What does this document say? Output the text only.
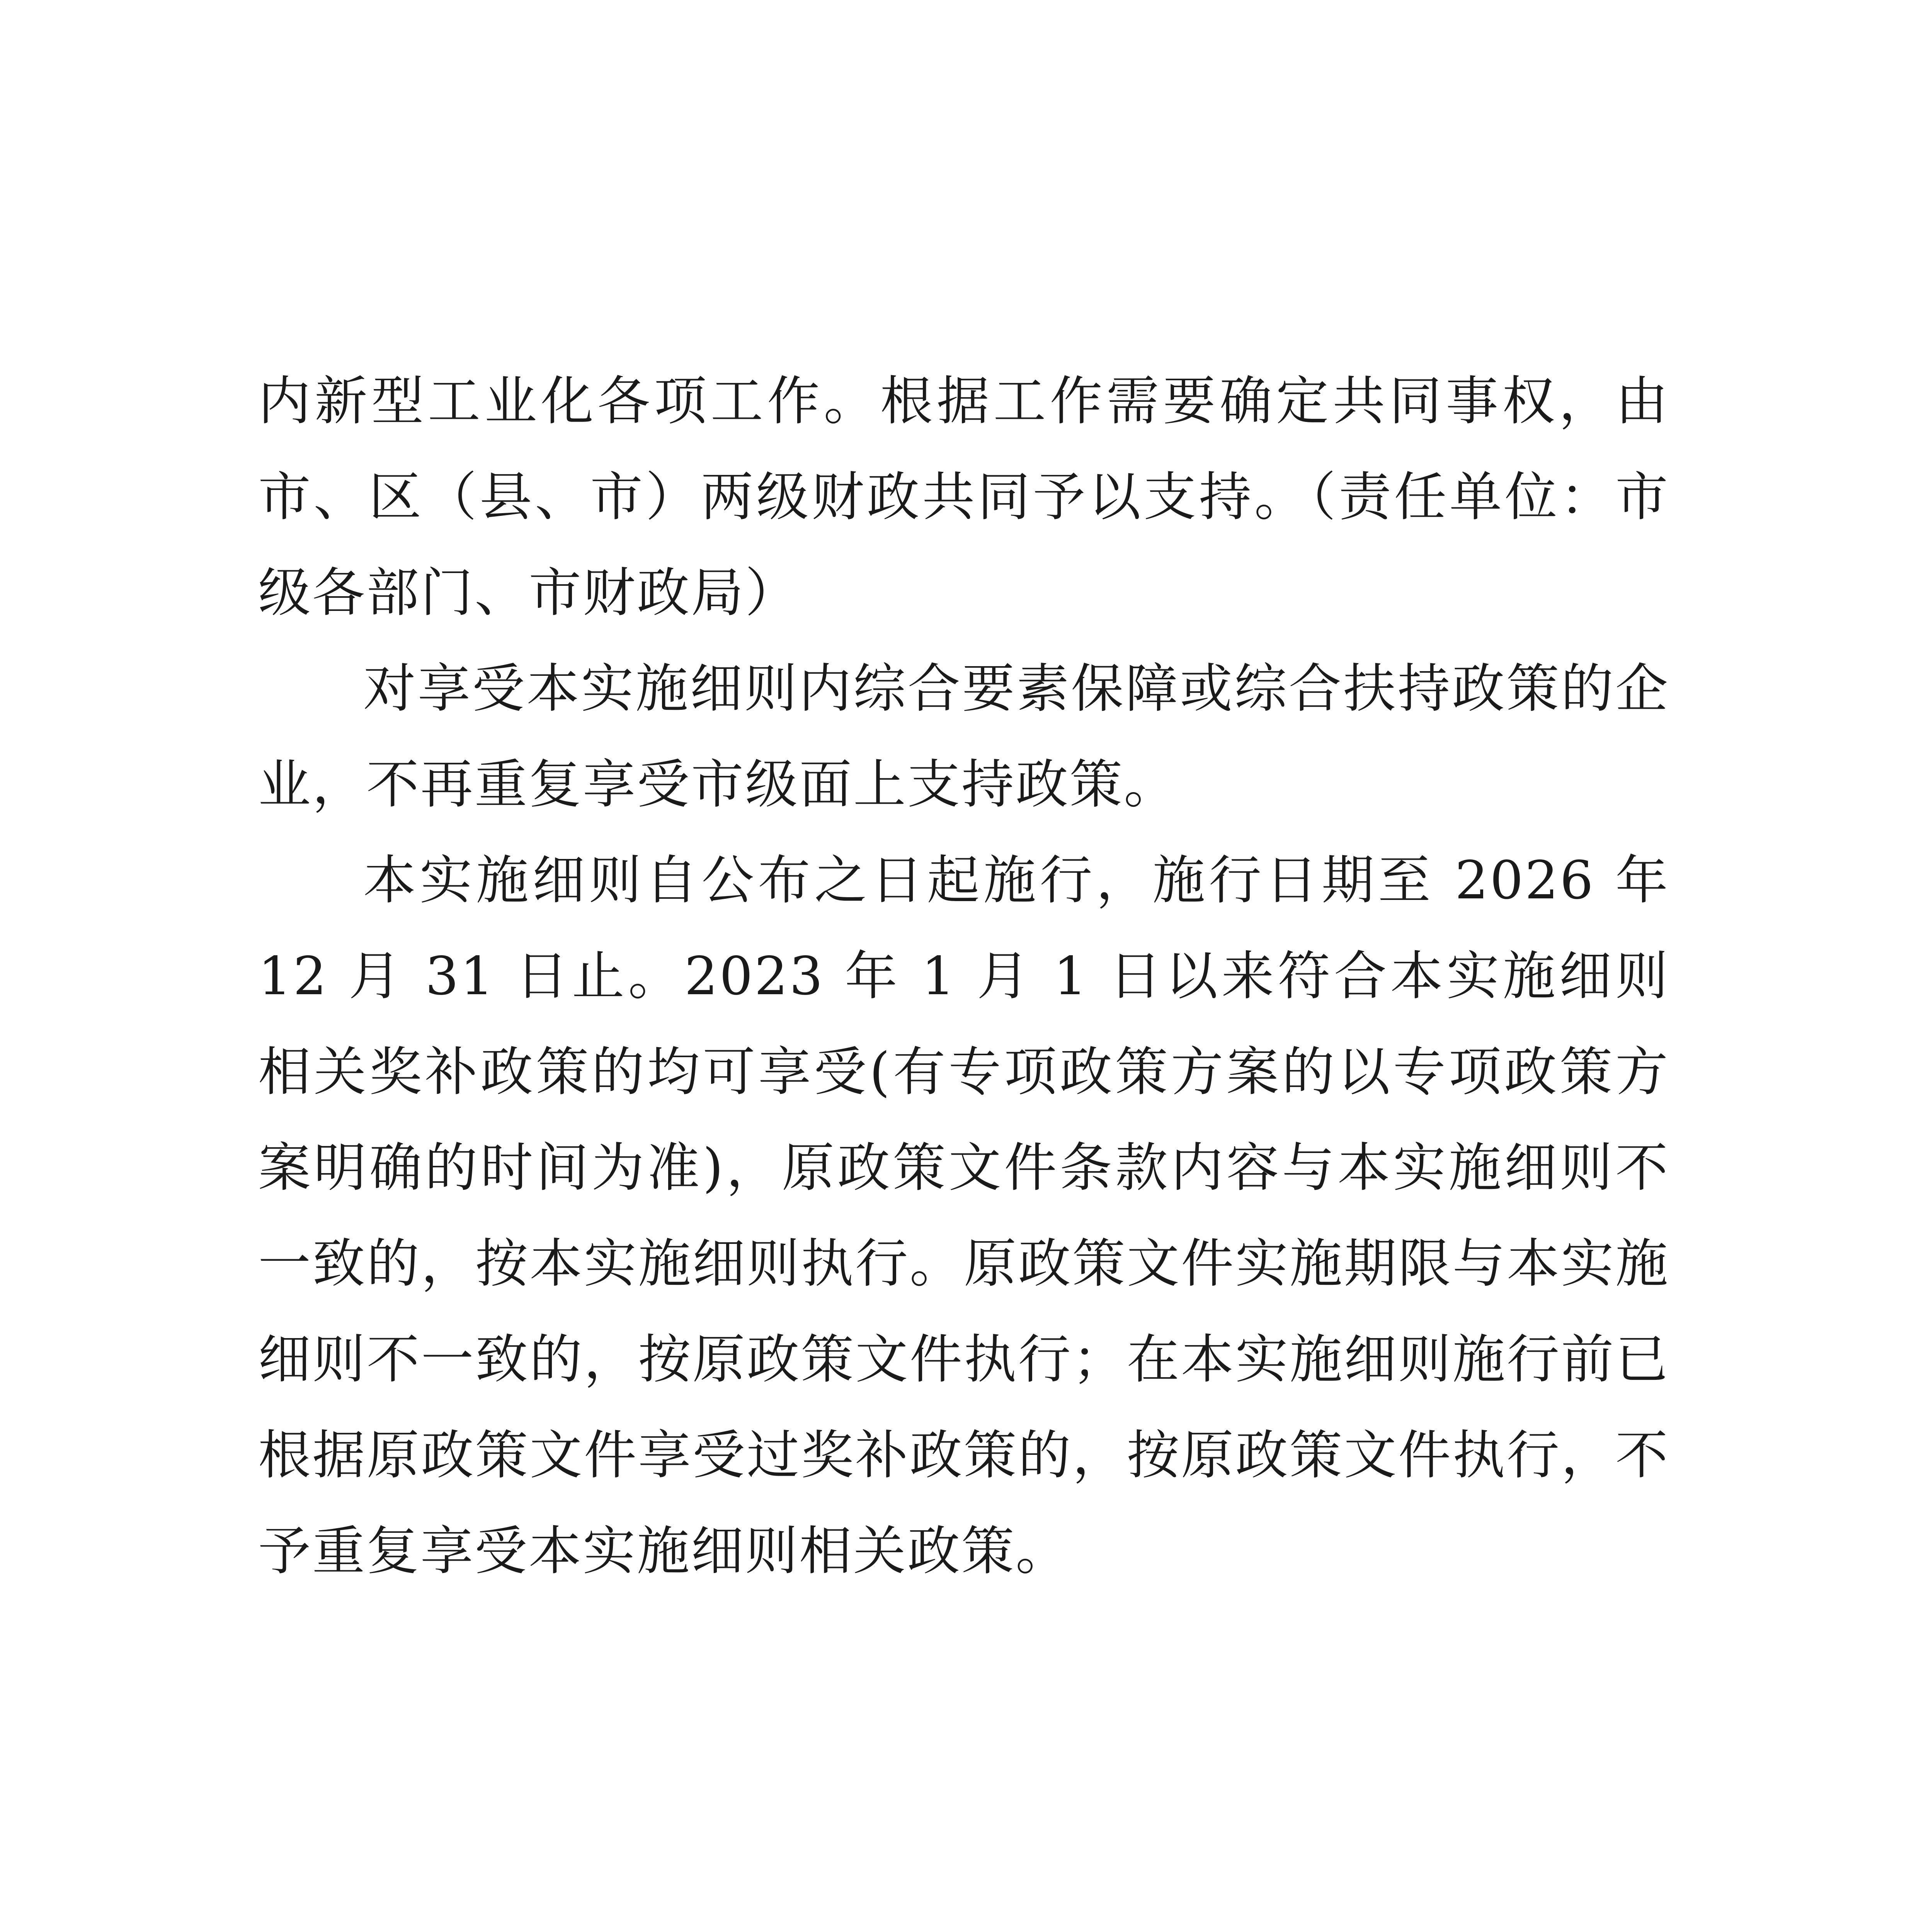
内新型工业化各项工作。根据工作需要确定共同事权，由市、区（县、市）两级财政共同予以支持。（责任单位：市级各部门、市财政局）

对享受本实施细则内综合要素保障或综合扶持政策的企业，不再重复享受市级面上支持政策。

本实施细则自公布之日起施行，施行日期至 2026 年 12 月 31 日止。2023 年 1 月 1 日以来符合本实施细则相关奖补政策的均可享受(有专项政策方案的以专项政策方案明确的时间为准)，原政策文件条款内容与本实施细则不一致的，按本实施细则执行。原政策文件实施期限与本实施细则不一致的，按原政策文件执行；在本实施细则施行前已根据原政策文件享受过奖补政策的，按原政策文件执行，不予重复享受本实施细则相关政策。
